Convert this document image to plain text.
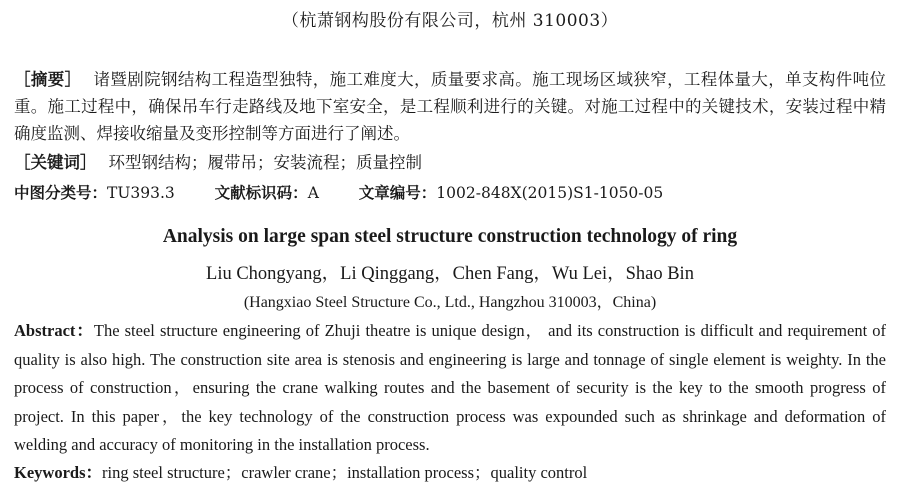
（杭萧钢构股份有限公司，杭州 310003）
［摘要］ 诸暨剧院钢结构工程造型独特，施工难度大，质量要求高。施工现场区域狭窄，工程体量大，单支构件吨位重。施工过程中，确保吊车行走路线及地下室安全，是工程顺利进行的关键。对施工过程中的关键技术，安装过程中精确度监测、焊接收缩量及变形控制等方面进行了阐述。
［关键词］ 环型钢结构；履带吊；安装流程；质量控制
中图分类号：TU393.3	文献标识码：A	文章编号：1002-848X(2015)S1-1050-05
Analysis on large span steel structure construction technology of ring
Liu Chongyang，Li Qinggang，Chen Fang，Wu Lei，Shao Bin
(Hangxiao Steel Structure Co., Ltd., Hangzhou 310003，China)
Abstract：The steel structure engineering of Zhuji theatre is unique design， and its construction is difficult and requirement of quality is also high. The construction site area is stenosis and engineering is large and tonnage of single element is weighty. In the process of construction，ensuring the crane walking routes and the basement of security is the key to the smooth progress of project. In this paper，the key technology of the construction process was expounded such as shrinkage and deformation of welding and accuracy of monitoring in the installation process.
Keywords：ring steel structure；crawler crane；installation process；quality control
